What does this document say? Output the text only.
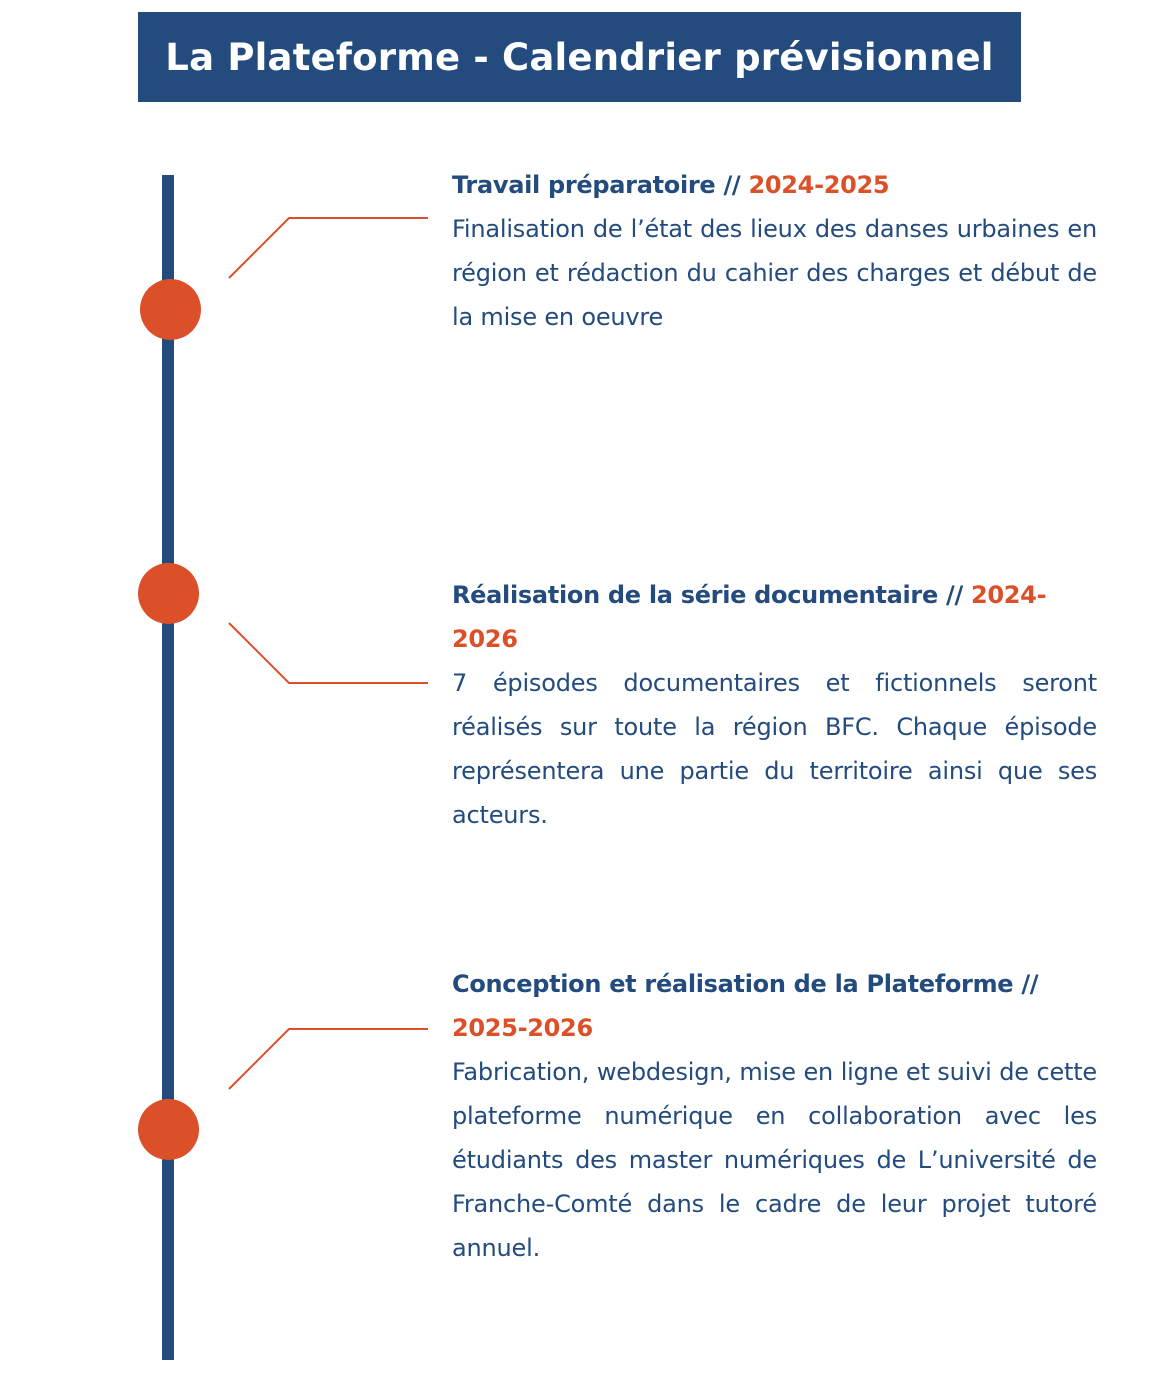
La Plateforme - Calendrier prévisionnel
Travail préparatoire // 2024-2025
Finalisation de l’état des lieux des danses urbaines en région et rédaction du cahier des charges et début de la mise en oeuvre
Réalisation de la série documentaire // 2024-2026
7 épisodes documentaires et fictionnels seront réalisés sur toute la région BFC. Chaque épisode représentera une partie du territoire ainsi que ses acteurs.
Conception et réalisation de la Plateforme // 2025-2026
Fabrication, webdesign, mise en ligne et suivi de cette plateforme numérique en collaboration avec les étudiants des master numériques de L’université de Franche-Comté dans le cadre de leur projet tutoré annuel.
